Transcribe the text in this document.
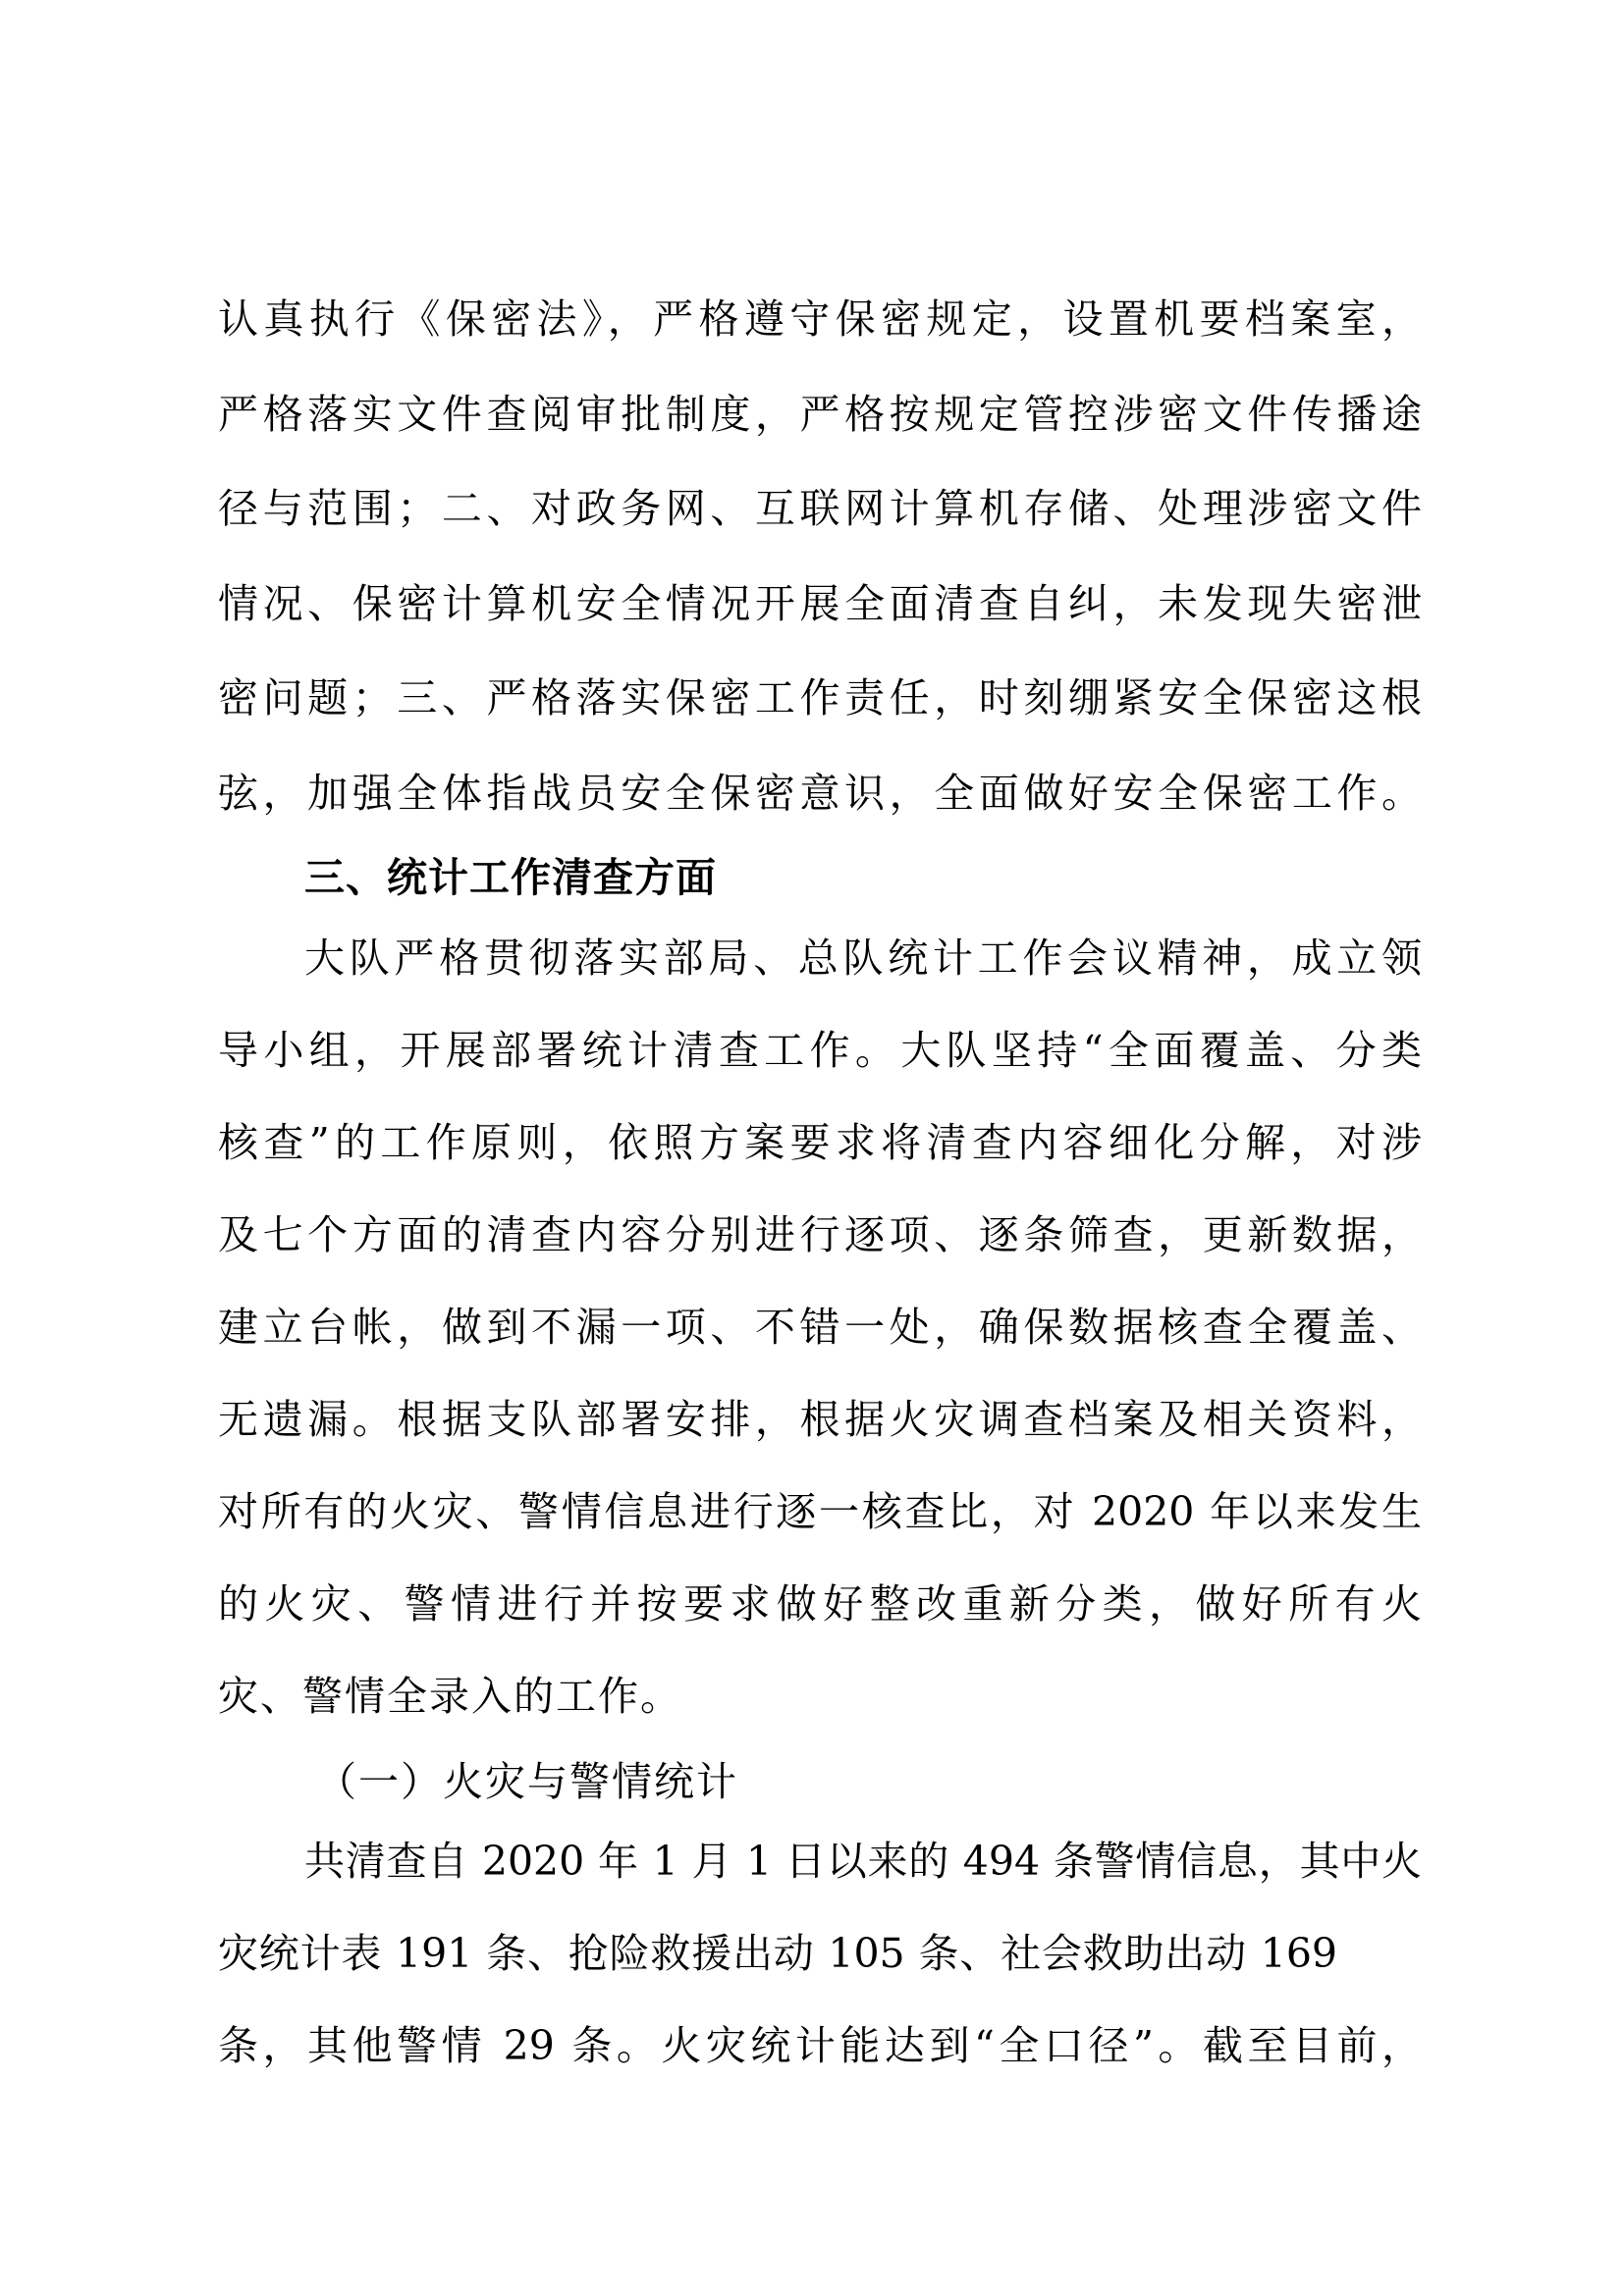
认真执行《保密法》，严格遵守保密规定，设置机要档案室，
严格落实文件查阅审批制度，严格按规定管控涉密文件传播途
径与范围；二、对政务网、互联网计算机存储、处理涉密文件
情况、保密计算机安全情况开展全面清查自纠，未发现失密泄
密问题；三、严格落实保密工作责任，时刻绷紧安全保密这根
弦，加强全体指战员安全保密意识，全面做好安全保密工作。
三、统计工作清查方面
大队严格贯彻落实部局、总队统计工作会议精神，成立领
导小组，开展部署统计清查工作。大队坚持“全面覆盖、分类
核查”的工作原则，依照方案要求将清查内容细化分解，对涉
及七个方面的清查内容分别进行逐项、逐条筛查，更新数据，
建立台帐，做到不漏一项、不错一处，确保数据核查全覆盖、
无遗漏。根据支队部署安排，根据火灾调查档案及相关资料，
对所有的火灾、警情信息进行逐一核查比，对 2020 年以来发生
的火灾、警情进行并按要求做好整改重新分类，做好所有火
灾、警情全录入的工作。
（一）火灾与警情统计
共清查自 2020 年 1 月 1 日以来的 494 条警情信息，其中火
灾统计表 191 条、抢险救援出动 105 条、社会救助出动 169
条，其他警情 29 条。火灾统计能达到“全口径”。截至目前，
